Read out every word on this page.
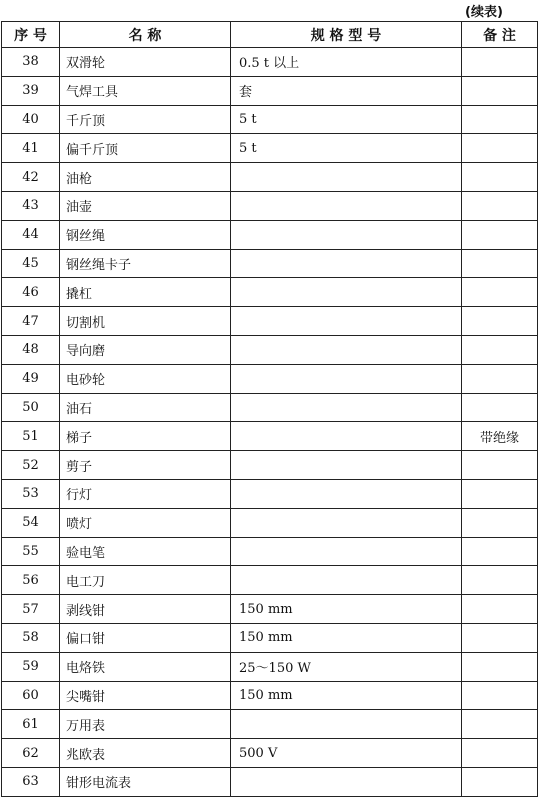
(续表)
序 号	名 称	规 格 型 号	备 注
38	双滑轮	0.5 t 以上	
39	气焊工具	套	
40	千斤顶	5 t	
41	偏千斤顶	5 t	
42	油枪		
43	油壶		
44	钢丝绳		
45	钢丝绳卡子		
46	撬杠		
47	切割机		
48	导向磨		
49	电砂轮		
50	油石		
51	梯子		带绝缘
52	剪子		
53	行灯		
54	喷灯		
55	验电笔		
56	电工刀		
57	剥线钳	150 mm	
58	偏口钳	150 mm	
59	电烙铁	25～150 W	
60	尖嘴钳	150 mm	
61	万用表		
62	兆欧表	500 V	
63	钳形电流表		
